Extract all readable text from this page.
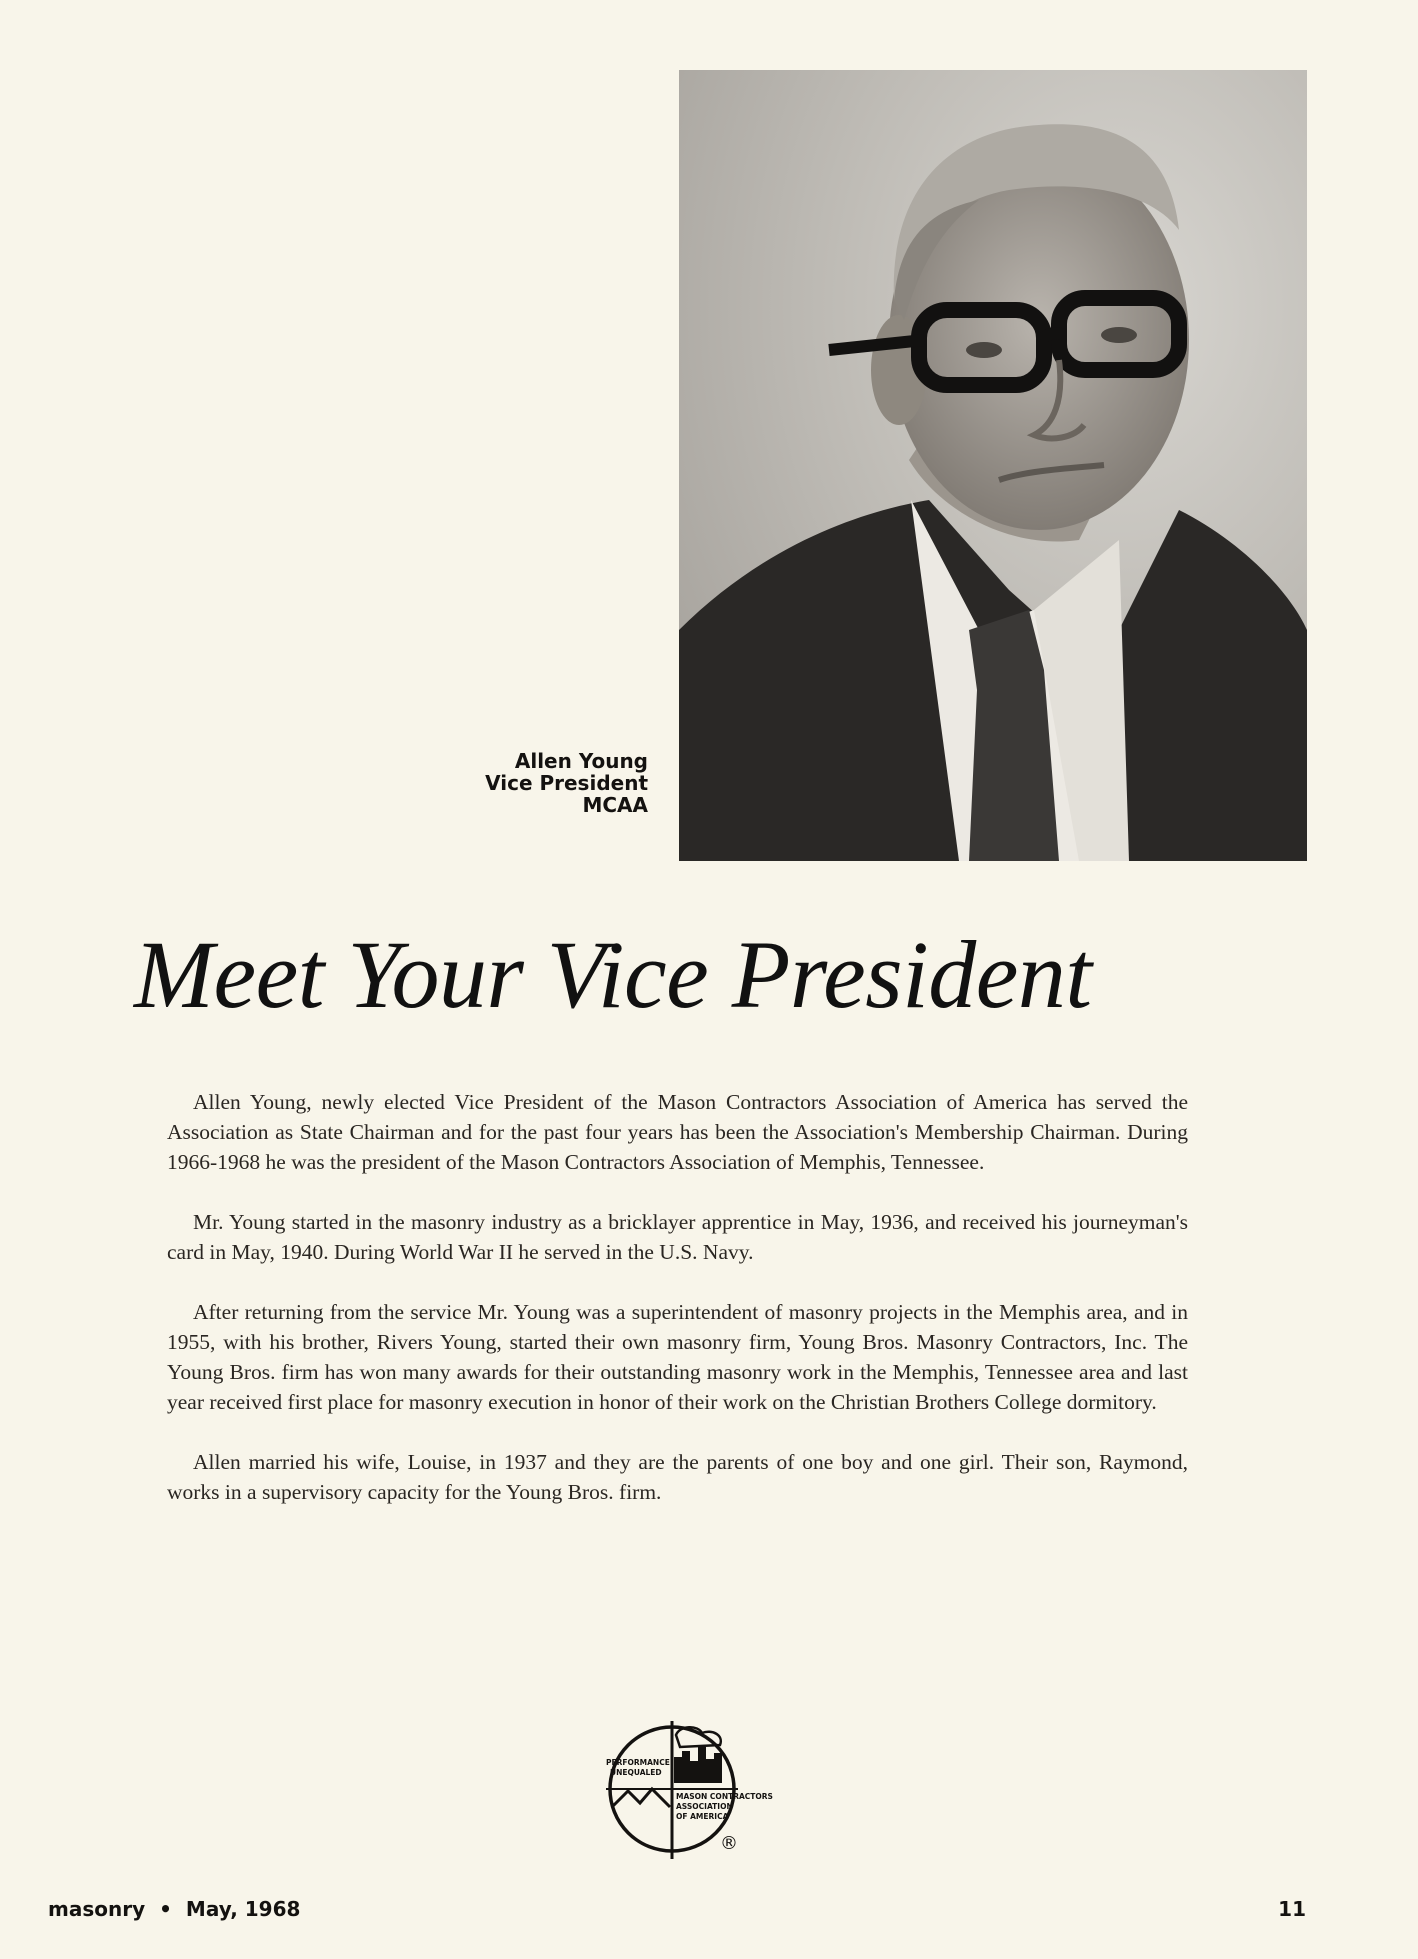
Allen Young
Vice President
MCAA
Meet Your Vice President

Allen Young, newly elected Vice President of the Mason Contractors Association of America has served the Association as State Chairman and for the past four years has been the Association's Membership Chairman. During 1966-1968 he was the president of the Mason Contractors Association of Memphis, Tennessee.

Mr. Young started in the masonry industry as a bricklayer apprentice in May, 1936, and received his journeyman's card in May, 1940. During World War II he served in the U.S. Navy.

After returning from the service Mr. Young was a superintendent of masonry projects in the Memphis area, and in 1955, with his brother, Rivers Young, started their own masonry firm, Young Bros. Masonry Contractors, Inc. The Young Bros. firm has won many awards for their outstanding masonry work in the Memphis, Tennessee area and last year received first place for masonry execution in honor of their work on the Christian Brothers College dormitory.

Allen married his wife, Louise, in 1937 and they are the parents of one boy and one girl. Their son, Raymond, works in a supervisory capacity for the Young Bros. firm.

PERFORMANCE
UNEQUALED
MASON CONTRACTORS
ASSOCIATION
OF AMERICA
®
masonry • May, 1968	11
